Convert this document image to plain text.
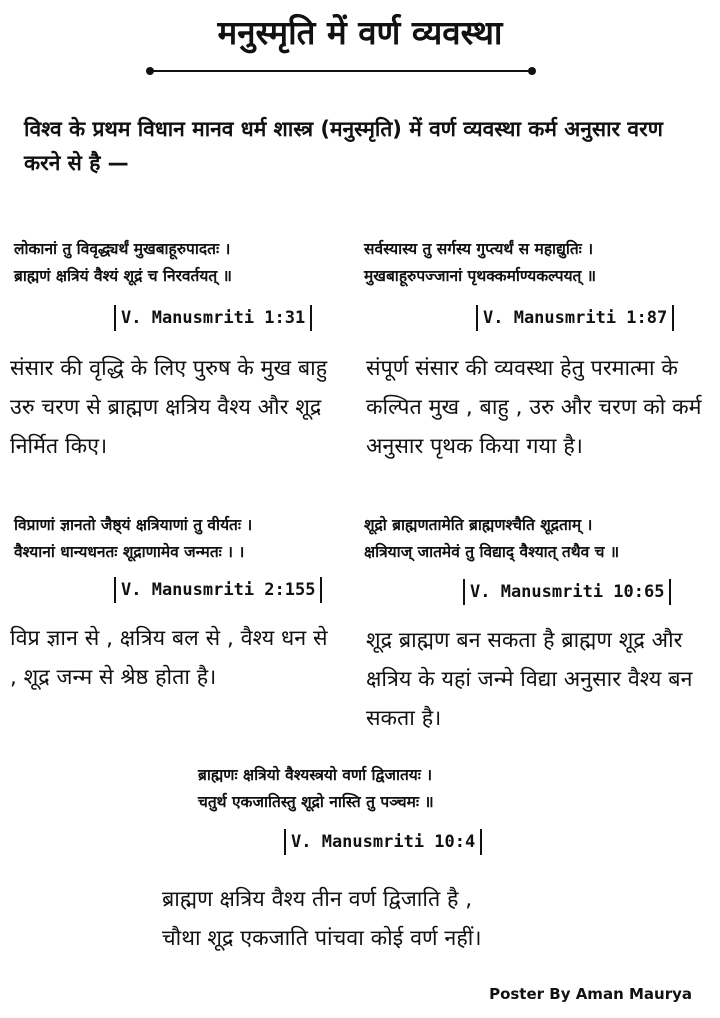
मनुस्मृति में वर्ण व्यवस्था
विश्व के प्रथम विधान मानव धर्म शास्त्र (मनुस्मृति) में वर्ण व्यवस्था कर्म अनुसार वरण करने से है —
लोकानां तु विवृद्ध्यर्थं मुखबाहूरुपादतः ।
ब्राह्मणं क्षत्रियं वैश्यं शूद्रं च निरवर्तयत् ॥
V. Manusmriti 1:31
संसार की वृद्धि के लिए पुरुष के मुख बाहु उरु चरण से ब्राह्मण क्षत्रिय वैश्य और शूद्र निर्मित किए।
सर्वस्यास्य तु सर्गस्य गुप्त्यर्थं स महाद्युतिः ।
मुखबाहूरुपज्जानां पृथक्कर्माण्यकल्पयत् ॥
V. Manusmriti 1:87
संपूर्ण संसार की व्यवस्था हेतु परमात्मा के कल्पित मुख , बाहु , उरु और चरण को कर्म अनुसार पृथक किया गया है।
विप्राणां ज्ञानतो जैष्ठ्यं क्षत्रियाणां तु वीर्यतः ।
वैश्यानां धान्यधनतः शूद्राणामेव जन्मतः । ।
V. Manusmriti 2:155
विप्र ज्ञान से , क्षत्रिय बल से , वैश्य धन से , शूद्र जन्म से श्रेष्ठ होता है।
शूद्रो ब्राह्मणतामेति ब्राह्मणश्चैति शूद्रताम् ।
क्षत्रियाज् जातमेवं तु विद्याद् वैश्यात् तथैव च ॥
V. Manusmriti 10:65
शूद्र ब्राह्मण बन सकता है ब्राह्मण शूद्र और क्षत्रिय के यहां जन्मे विद्या अनुसार वैश्य बन सकता है।
ब्राह्मणः क्षत्रियो वैश्यस्त्रयो वर्णा द्विजातयः ।
चतुर्थ एकजातिस्तु शूद्रो नास्ति तु पञ्चमः ॥
V. Manusmriti 10:4
ब्राह्मण क्षत्रिय वैश्य तीन वर्ण द्विजाति है ,
चौथा शूद्र एकजाति पांचवा कोई वर्ण नहीं।
Poster By Aman Maurya
